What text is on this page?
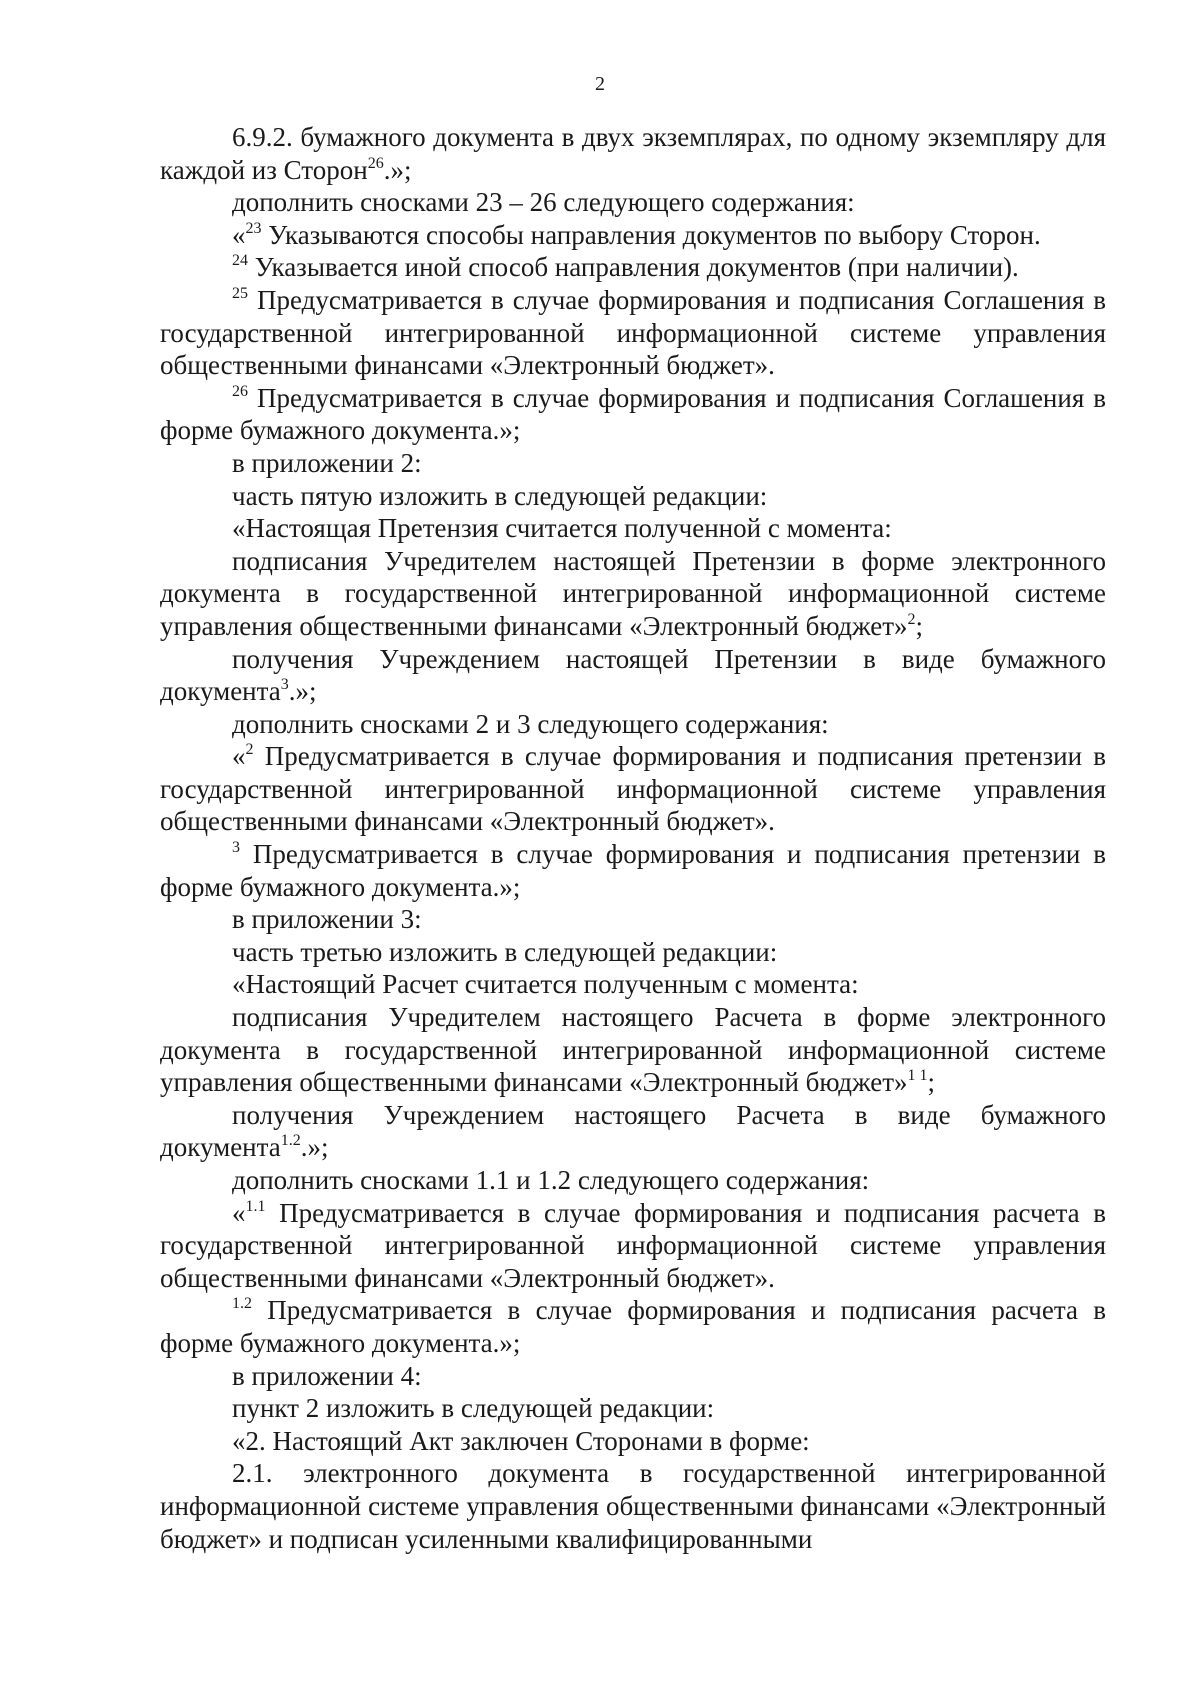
2

6.9.2. бумажного документа в двух экземплярах, по одному экземпляру для каждой из Сторон$^{26}$.»;

дополнить сносками 23 – 26 следующего содержания:

«$^{23}$ Указываются способы направления документов по выбору Сторон.

$^{24}$ Указывается иной способ направления документов (при наличии).

$^{25}$ Предусматривается в случае формирования и подписания Соглашения в государственной интегрированной информационной системе управления общественными финансами «Электронный бюджет».

$^{26}$ Предусматривается в случае формирования и подписания Соглашения в форме бумажного документа.»;

в приложении 2:

часть пятую изложить в следующей редакции:

«Настоящая Претензия считается полученной с момента:

подписания Учредителем настоящей Претензии в форме электронного документа в государственной интегрированной информационной системе управления общественными финансами «Электронный бюджет»$^2$;

получения Учреждением настоящей Претензии в виде бумажного документа$^3$.»;

дополнить сносками 2 и 3 следующего содержания:

«$^2$ Предусматривается в случае формирования и подписания претензии в государственной интегрированной информационной системе управления общественными финансами «Электронный бюджет».

$^3$ Предусматривается в случае формирования и подписания претензии в форме бумажного документа.»;

в приложении 3:

часть третью изложить в следующей редакции:

«Настоящий Расчет считается полученным с момента:

подписания Учредителем настоящего Расчета в форме электронного документа в государственной интегрированной информационной системе управления общественными финансами «Электронный бюджет»$^{1 1}$;

получения Учреждением настоящего Расчета в виде бумажного документа$^{1.2}$.»;

дополнить сносками 1.1 и 1.2 следующего содержания:

«$^{1.1}$ Предусматривается в случае формирования и подписания расчета в государственной интегрированной информационной системе управления общественными финансами «Электронный бюджет».

$^{1.2}$ Предусматривается в случае формирования и подписания расчета в форме бумажного документа.»;

в приложении 4:

пункт 2 изложить в следующей редакции:

«2. Настоящий Акт заключен Сторонами в форме:

2.1. электронного документа в государственной интегрированной информационной системе управления общественными финансами «Электронный бюджет» и подписан усиленными квалифицированными
